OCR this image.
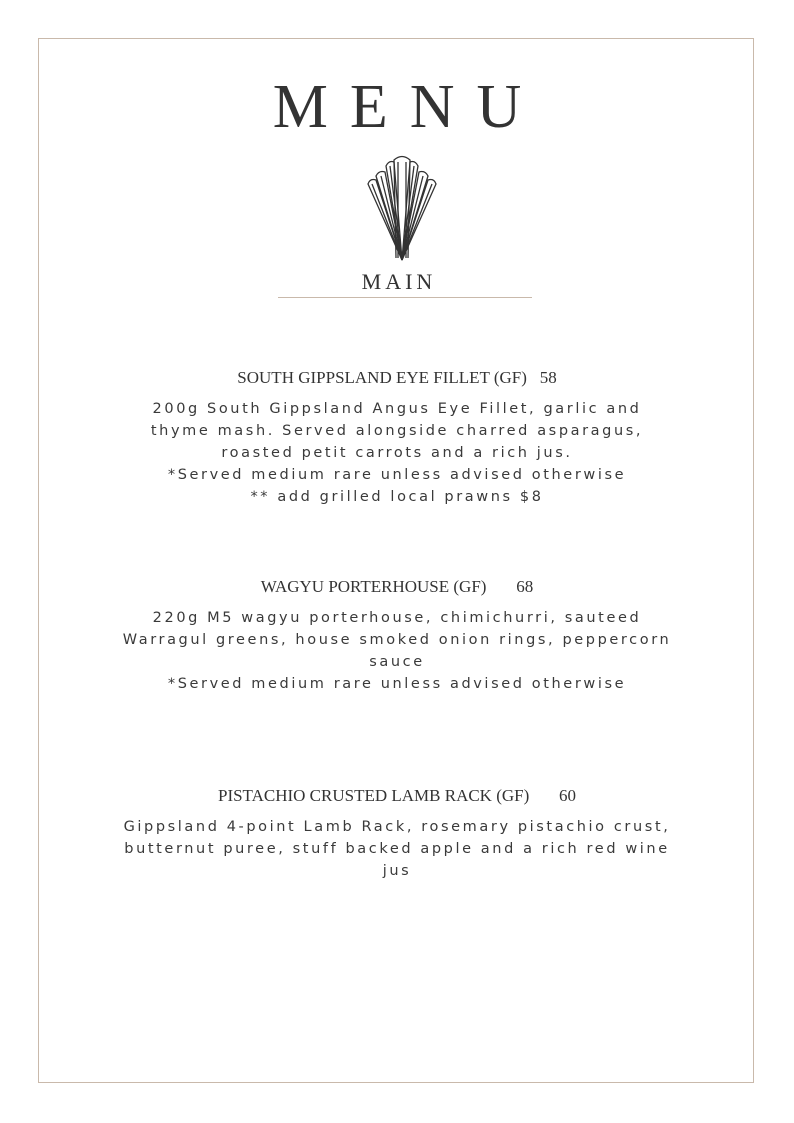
MENU
MAIN
SOUTH GIPPSLAND EYE FILLET (GF) 58
200g South Gippsland Angus Eye Fillet, garlic and
thyme mash. Served alongside charred asparagus,
roasted petit carrots and a rich jus.
*Served medium rare unless advised otherwise
** add grilled local prawns $8
WAGYU PORTERHOUSE (GF) 68
220g M5 wagyu porterhouse, chimichurri, sauteed
Warragul greens, house smoked onion rings, peppercorn
sauce
*Served medium rare unless advised otherwise
PISTACHIO CRUSTED LAMB RACK (GF) 60
Gippsland 4-point Lamb Rack, rosemary pistachio crust,
butternut puree, stuff backed apple and a rich red wine
jus
